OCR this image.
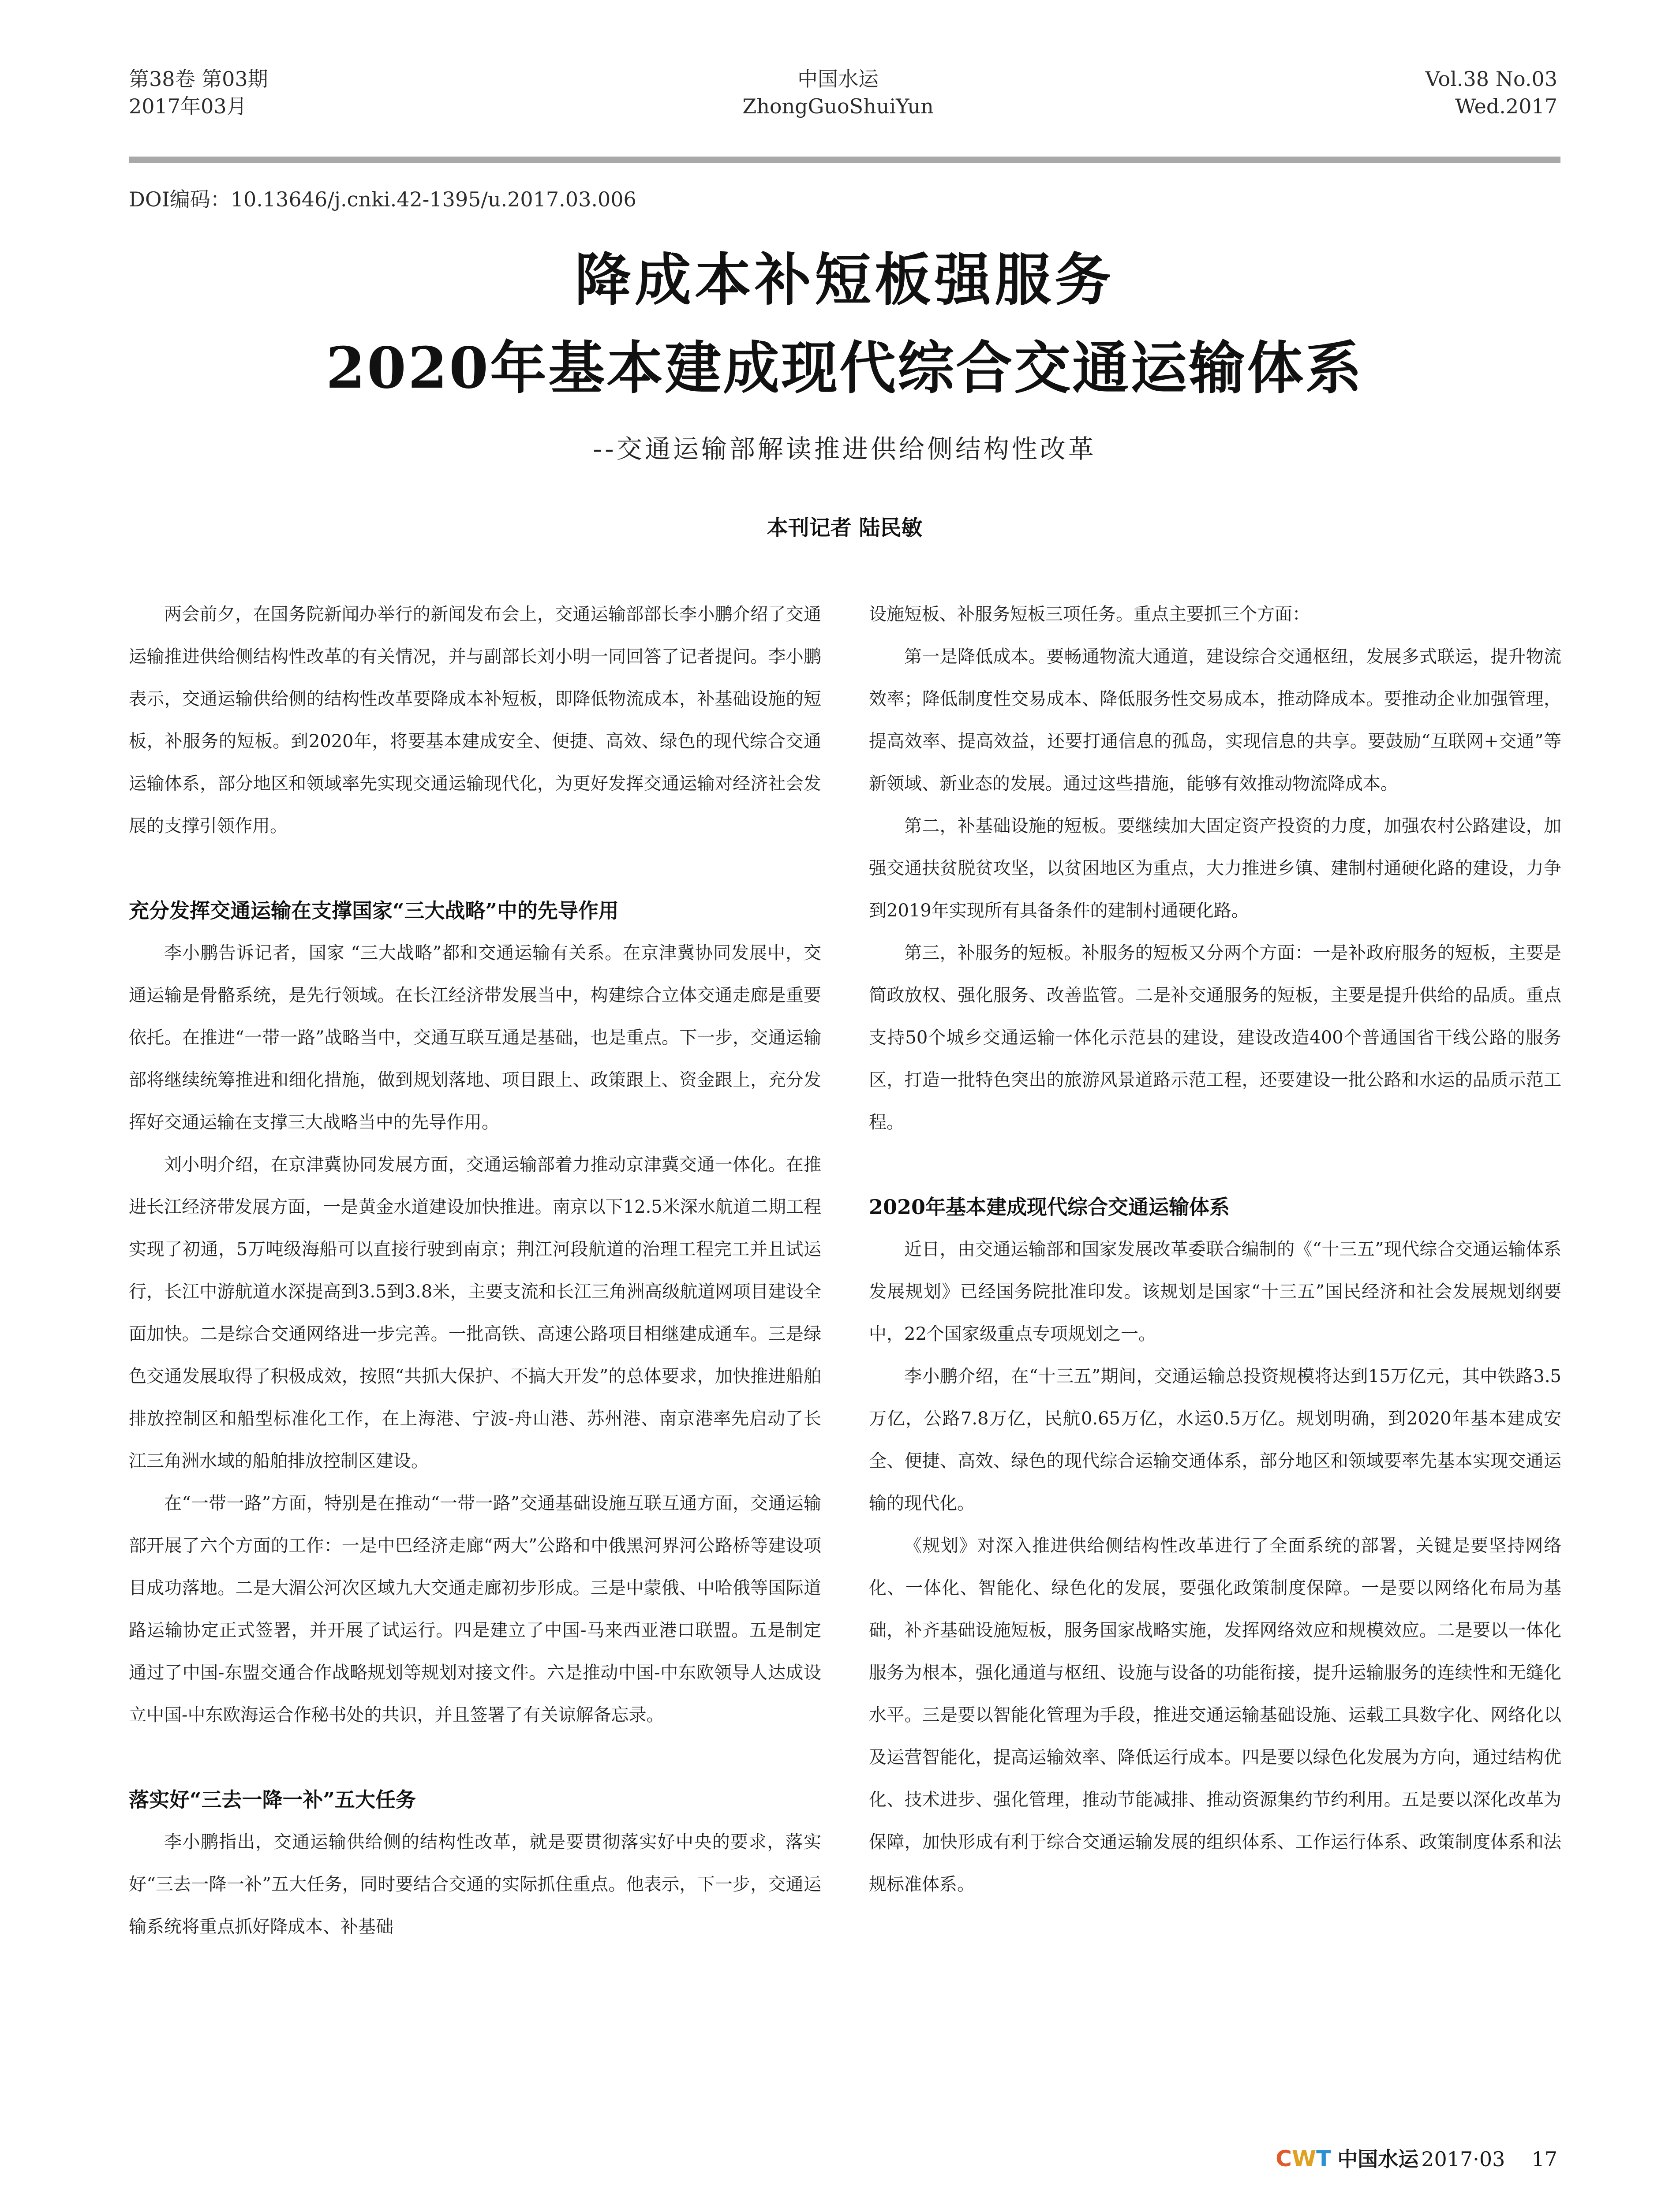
第38卷 第03期
2017年03月
中国水运
ZhongGuoShuiYun
Vol.38 No.03
Wed.2017
DOI编码：10.13646/j.cnki.42-1395/u.2017.03.006
降成本补短板强服务
2020年基本建成现代综合交通运输体系
--交通运输部解读推进供给侧结构性改革
本刊记者 陆民敏

两会前夕，在国务院新闻办举行的新闻发布会上，交通运输部部长李小鹏介绍了交通运输推进供给侧结构性改革的有关情况，并与副部长刘小明一同回答了记者提问。李小鹏表示，交通运输供给侧的结构性改革要降成本补短板，即降低物流成本，补基础设施的短板，补服务的短板。到2020年，将要基本建成安全、便捷、高效、绿色的现代综合交通运输体系，部分地区和领域率先实现交通运输现代化，为更好发挥交通运输对经济社会发展的支撑引领作用。

充分发挥交通运输在支撑国家“三大战略”中的先导作用

李小鹏告诉记者，国家 “三大战略”都和交通运输有关系。在京津冀协同发展中，交通运输是骨骼系统，是先行领域。在长江经济带发展当中，构建综合立体交通走廊是重要依托。在推进“一带一路”战略当中，交通互联互通是基础，也是重点。下一步，交通运输部将继续统筹推进和细化措施，做到规划落地、项目跟上、政策跟上、资金跟上，充分发挥好交通运输在支撑三大战略当中的先导作用。

刘小明介绍，在京津冀协同发展方面，交通运输部着力推动京津冀交通一体化。在推进长江经济带发展方面，一是黄金水道建设加快推进。南京以下12.5米深水航道二期工程实现了初通，5万吨级海船可以直接行驶到南京；荆江河段航道的治理工程完工并且试运行，长江中游航道水深提高到3.5到3.8米，主要支流和长江三角洲高级航道网项目建设全面加快。二是综合交通网络进一步完善。一批高铁、高速公路项目相继建成通车。三是绿色交通发展取得了积极成效，按照“共抓大保护、不搞大开发”的总体要求，加快推进船舶排放控制区和船型标准化工作，在上海港、宁波-舟山港、苏州港、南京港率先启动了长江三角洲水域的船舶排放控制区建设。

在“一带一路”方面，特别是在推动“一带一路”交通基础设施互联互通方面，交通运输部开展了六个方面的工作：一是中巴经济走廊“两大”公路和中俄黑河界河公路桥等建设项目成功落地。二是大湄公河次区域九大交通走廊初步形成。三是中蒙俄、中哈俄等国际道路运输协定正式签署，并开展了试运行。四是建立了中国-马来西亚港口联盟。五是制定通过了中国-东盟交通合作战略规划等规划对接文件。六是推动中国-中东欧领导人达成设立中国-中东欧海运合作秘书处的共识，并且签署了有关谅解备忘录。

落实好“三去一降一补”五大任务

李小鹏指出，交通运输供给侧的结构性改革，就是要贯彻落实好中央的要求，落实好“三去一降一补”五大任务，同时要结合交通的实际抓住重点。他表示，下一步，交通运输系统将重点抓好降成本、补基础

设施短板、补服务短板三项任务。重点主要抓三个方面：

第一是降低成本。要畅通物流大通道，建设综合交通枢纽，发展多式联运，提升物流效率；降低制度性交易成本、降低服务性交易成本，推动降成本。要推动企业加强管理，提高效率、提高效益，还要打通信息的孤岛，实现信息的共享。要鼓励“互联网+交通”等新领域、新业态的发展。通过这些措施，能够有效推动物流降成本。

第二，补基础设施的短板。要继续加大固定资产投资的力度，加强农村公路建设，加强交通扶贫脱贫攻坚，以贫困地区为重点，大力推进乡镇、建制村通硬化路的建设，力争到2019年实现所有具备条件的建制村通硬化路。

第三，补服务的短板。补服务的短板又分两个方面：一是补政府服务的短板，主要是简政放权、强化服务、改善监管。二是补交通服务的短板，主要是提升供给的品质。重点支持50个城乡交通运输一体化示范县的建设，建设改造400个普通国省干线公路的服务区，打造一批特色突出的旅游风景道路示范工程，还要建设一批公路和水运的品质示范工程。

2020年基本建成现代综合交通运输体系

近日，由交通运输部和国家发展改革委联合编制的《“十三五”现代综合交通运输体系发展规划》已经国务院批准印发。该规划是国家“十三五”国民经济和社会发展规划纲要中，22个国家级重点专项规划之一。

李小鹏介绍，在“十三五”期间，交通运输总投资规模将达到15万亿元，其中铁路3.5万亿，公路7.8万亿，民航0.65万亿，水运0.5万亿。规划明确，到2020年基本建成安全、便捷、高效、绿色的现代综合运输交通体系，部分地区和领域要率先基本实现交通运输的现代化。

《规划》对深入推进供给侧结构性改革进行了全面系统的部署，关键是要坚持网络化、一体化、智能化、绿色化的发展，要强化政策制度保障。一是要以网络化布局为基础，补齐基础设施短板，服务国家战略实施，发挥网络效应和规模效应。二是要以一体化服务为根本，强化通道与枢纽、设施与设备的功能衔接，提升运输服务的连续性和无缝化水平。三是要以智能化管理为手段，推进交通运输基础设施、运载工具数字化、网络化以及运营智能化，提高运输效率、降低运行成本。四是要以绿色化发展为方向，通过结构优化、技术进步、强化管理，推动节能减排、推动资源集约节约利用。五是要以深化改革为保障，加快形成有利于综合交通运输发展的组织体系、工作运行体系、政策制度体系和法规标准体系。

CWT 中国水运 2017·03 17
